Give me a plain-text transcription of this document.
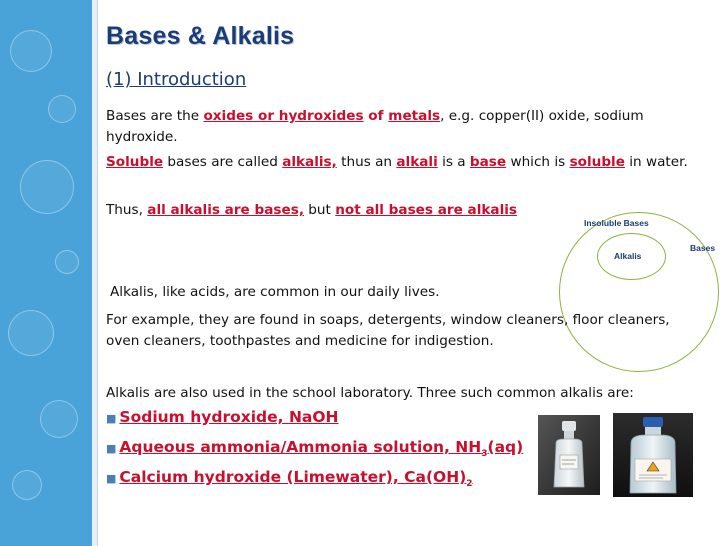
Bases & Alkalis
(1) Introduction
Bases are the oxides or hydroxides of metals, e.g. copper(II) oxide, sodium hydroxide.
Soluble bases are called alkalis, thus an alkali is a base which is soluble in water.
Thus, all alkalis are bases, but not all bases are alkalis
Insoluble Bases
Alkalis
Bases
Alkalis, like acids, are common in our daily lives.
For example, they are found in soaps, detergents, window cleaners, floor cleaners, oven cleaners, toothpastes and medicine for indigestion.
Alkalis are also used in the school laboratory. Three such common alkalis are:
■ Sodium hydroxide, NaOH
■ Aqueous ammonia/Ammonia solution, $NH_3(aq)$
■ Calcium hydroxide (Limewater), $Ca(OH)_2$
